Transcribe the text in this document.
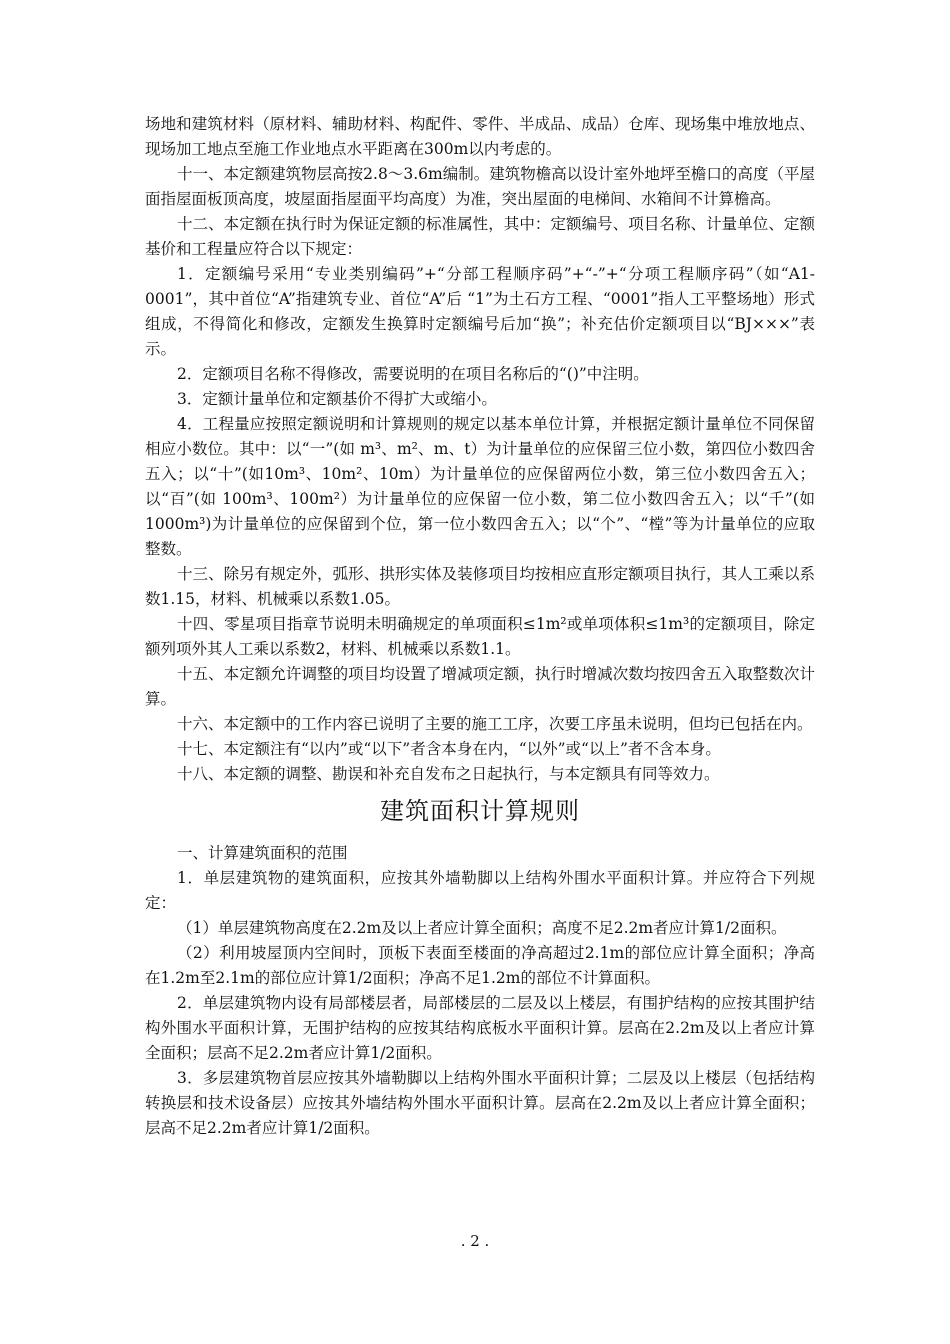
场地和建筑材料（原材料、辅助材料、构配件、零件、半成品、成品）仓库、现场集中堆放地点、现场加工地点至施工作业地点水平距离在300m以内考虑的。

十一、本定额建筑物层高按2.8～3.6m编制。建筑物檐高以设计室外地坪至檐口的高度（平屋面指屋面板顶高度，坡屋面指屋面平均高度）为准，突出屋面的电梯间、水箱间不计算檐高。

十二、本定额在执行时为保证定额的标准属性，其中：定额编号、项目名称、计量单位、定额基价和工程量应符合以下规定：

1．定额编号采用“专业类别编码”+“分部工程顺序码”+“-”+“分项工程顺序码”（如“A1-0001”，其中首位“A”指建筑专业、首位“A”后 “1”为土石方工程、“0001”指人工平整场地）形式组成，不得简化和修改，定额发生换算时定额编号后加“换”；补充估价定额项目以“BJ×××”表示。

2．定额项目名称不得修改，需要说明的在项目名称后的“()”中注明。

3．定额计量单位和定额基价不得扩大或缩小。

4．工程量应按照定额说明和计算规则的规定以基本单位计算，并根据定额计量单位不同保留相应小数位。其中：以“一”(如 m³、m²、m、t）为计量单位的应保留三位小数，第四位小数四舍五入；以“十”(如10m³、10m²、10m）为计量单位的应保留两位小数，第三位小数四舍五入；以“百”(如 100m³、100m²）为计量单位的应保留一位小数，第二位小数四舍五入；以“千”(如1000m³)为计量单位的应保留到个位，第一位小数四舍五入；以“个”、“樘”等为计量单位的应取整数。

十三、除另有规定外，弧形、拱形实体及装修项目均按相应直形定额项目执行，其人工乘以系数1.15，材料、机械乘以系数1.05。

十四、零星项目指章节说明未明确规定的单项面积≤1m²或单项体积≤1m³的定额项目，除定额列项外其人工乘以系数2，材料、机械乘以系数1.1。

十五、本定额允许调整的项目均设置了增减项定额，执行时增减次数均按四舍五入取整数次计算。

十六、本定额中的工作内容已说明了主要的施工工序，次要工序虽未说明，但均已包括在内。

十七、本定额注有“以内”或“以下”者含本身在内，“以外”或“以上”者不含本身。

十八、本定额的调整、勘误和补充自发布之日起执行，与本定额具有同等效力。

建筑面积计算规则

一、计算建筑面积的范围

1．单层建筑物的建筑面积，应按其外墙勒脚以上结构外围水平面积计算。并应符合下列规定：

（1）单层建筑物高度在2.2m及以上者应计算全面积；高度不足2.2m者应计算1/2面积。

（2）利用坡屋顶内空间时，顶板下表面至楼面的净高超过2.1m的部位应计算全面积；净高在1.2m至2.1m的部位应计算1/2面积；净高不足1.2m的部位不计算面积。

2．单层建筑物内设有局部楼层者，局部楼层的二层及以上楼层，有围护结构的应按其围护结构外围水平面积计算，无围护结构的应按其结构底板水平面积计算。层高在2.2m及以上者应计算全面积；层高不足2.2m者应计算1/2面积。

3．多层建筑物首层应按其外墙勒脚以上结构外围水平面积计算；二层及以上楼层（包括结构转换层和技术设备层）应按其外墙结构外围水平面积计算。层高在2.2m及以上者应计算全面积；层高不足2.2m者应计算1/2面积。

. 2 .
